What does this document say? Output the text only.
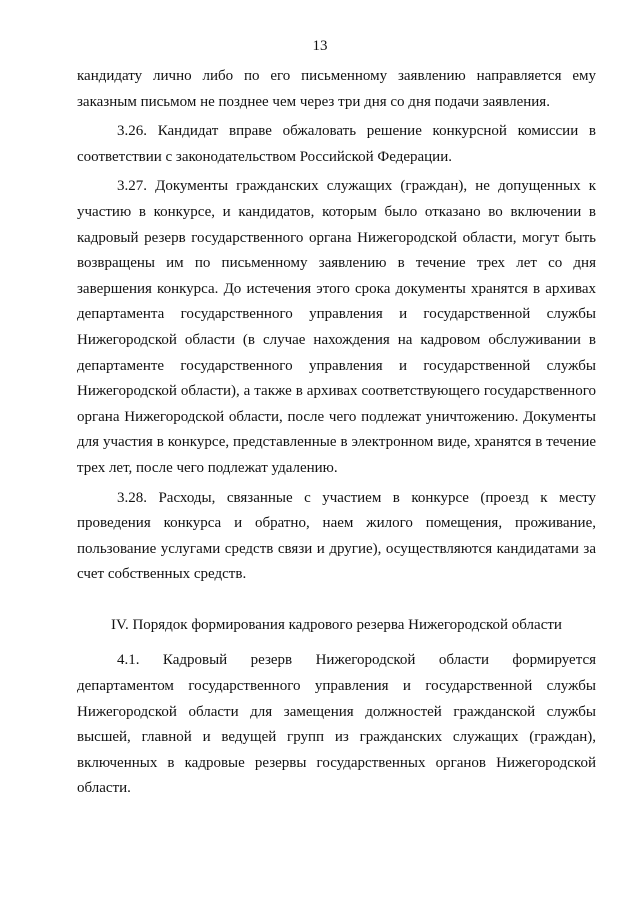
13

кандидату лично либо по его письменному заявлению направляется ему заказным письмом не позднее чем через три дня со дня подачи заявления.

3.26. Кандидат вправе обжаловать решение конкурсной комиссии в соответствии с законодательством Российской Федерации.

3.27. Документы гражданских служащих (граждан), не допущенных к участию в конкурсе, и кандидатов, которым было отказано во включении в кадровый резерв государственного органа Нижегородской области, могут быть возвращены им по письменному заявлению в течение трех лет со дня завершения конкурса. До истечения этого срока документы хранятся в архивах департамента государственного управления и государственной службы Нижегородской области (в случае нахождения на кадровом обслуживании в департаменте государственного управления и государственной службы Нижегородской области), а также в архивах соответствующего государственного органа Нижегородской области, после чего подлежат уничтожению. Документы для участия в конкурсе, представленные в электронном виде, хранятся в течение трех лет, после чего подлежат удалению.

3.28. Расходы, связанные с участием в конкурсе (проезд к месту проведения конкурса и обратно, наем жилого помещения, проживание, пользование услугами средств связи и другие), осуществляются кандидатами за счет собственных средств.

IV. Порядок формирования кадрового резерва Нижегородской области

4.1. Кадровый резерв Нижегородской области формируется департаментом государственного управления и государственной службы Нижегородской области для замещения должностей гражданской службы высшей, главной и ведущей групп из гражданских служащих (граждан), включенных в кадровые резервы государственных органов Нижегородской области.
